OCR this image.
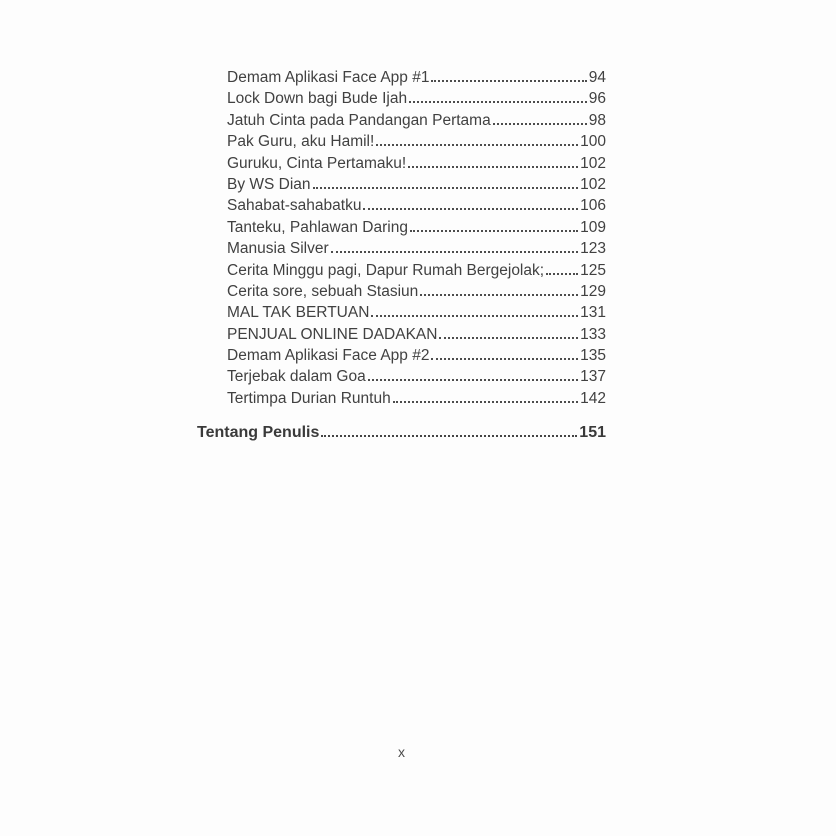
Demam Aplikasi Face App #1	94
Lock Down bagi Bude Ijah	96
Jatuh Cinta pada Pandangan Pertama	98
Pak Guru, aku Hamil!	100
Guruku, Cinta Pertamaku!	102
By WS Dian	102
Sahabat-sahabatku	106
Tanteku, Pahlawan Daring	109
Manusia Silver	123
Cerita Minggu pagi, Dapur Rumah Bergejolak; 125
Cerita sore, sebuah Stasiun	129
MAL TAK BERTUAN	131
PENJUAL ONLINE DADAKAN	133
Demam Aplikasi Face App #2	135
Terjebak dalam Goa	137
Tertimpa Durian Runtuh	142
Tentang Penulis	151
x
